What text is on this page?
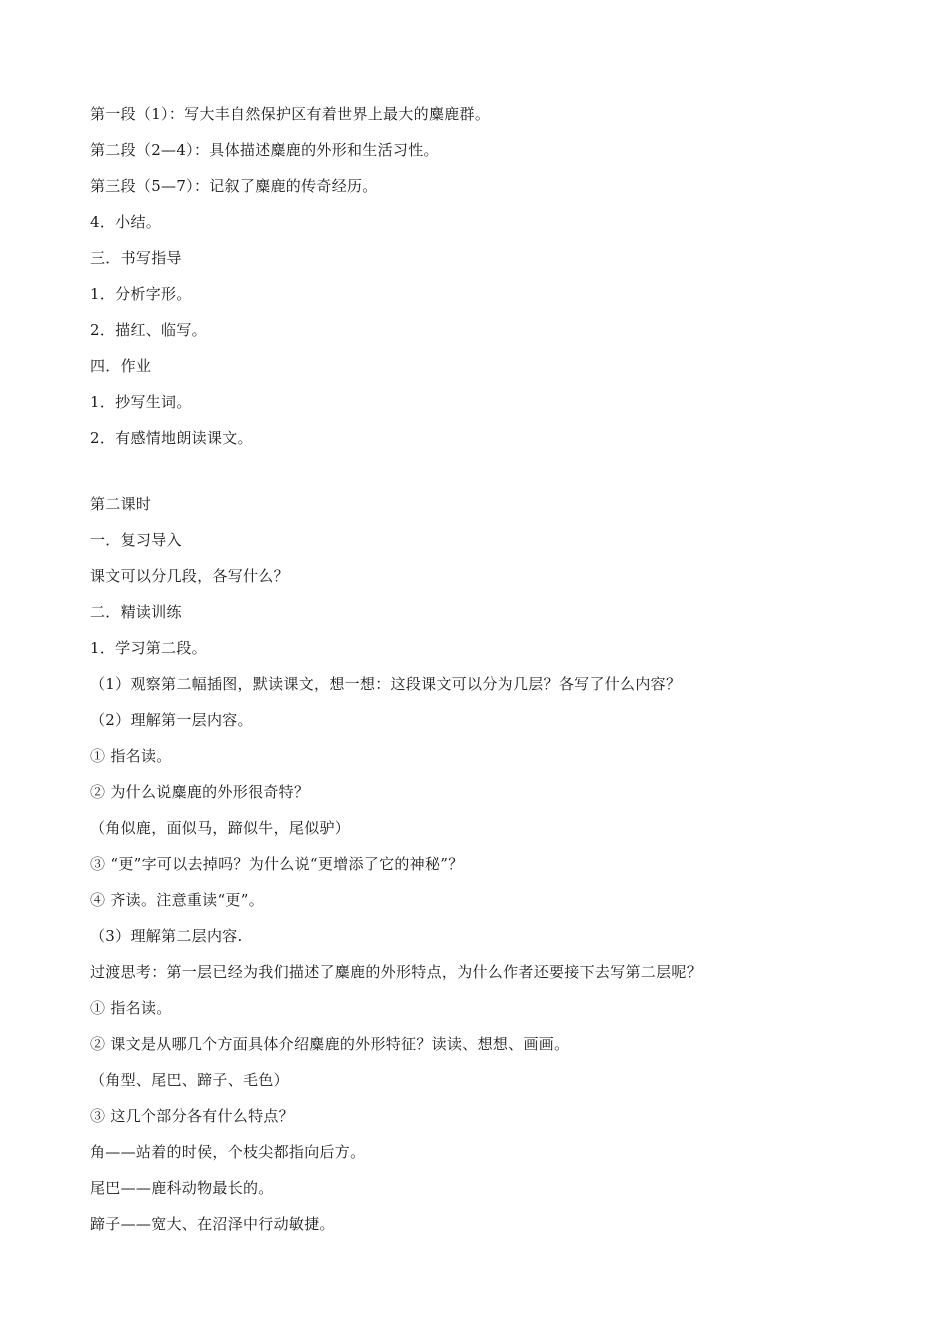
第一段（1）：写大丰自然保护区有着世界上最大的麋鹿群。
第二段（2—4）：具体描述麋鹿的外形和生活习性。
第三段（5—7）：记叙了麋鹿的传奇经历。
4．小结。
三．书写指导
1．分析字形。
2．描红、临写。
四．作业
1．抄写生词。
2．有感情地朗读课文。
第二课时
一．复习导入
课文可以分几段，各写什么？
二．精读训练
1．学习第二段。
（1）观察第二幅插图，默读课文，想一想：这段课文可以分为几层？各写了什么内容？
（2）理解第一层内容。
① 指名读。
② 为什么说麋鹿的外形很奇特？
（角似鹿，面似马，蹄似牛，尾似驴）
③ “更”字可以去掉吗？为什么说“更增添了它的神秘”？
④ 齐读。注意重读“更”。
（3）理解第二层内容.
过渡思考：第一层已经为我们描述了麋鹿的外形特点，为什么作者还要接下去写第二层呢？
① 指名读。
② 课文是从哪几个方面具体介绍麋鹿的外形特征？读读、想想、画画。
（角型、尾巴、蹄子、毛色）
③ 这几个部分各有什么特点？
角——站着的时侯，个枝尖都指向后方。
尾巴——鹿科动物最长的。
蹄子——宽大、在沼泽中行动敏捷。
